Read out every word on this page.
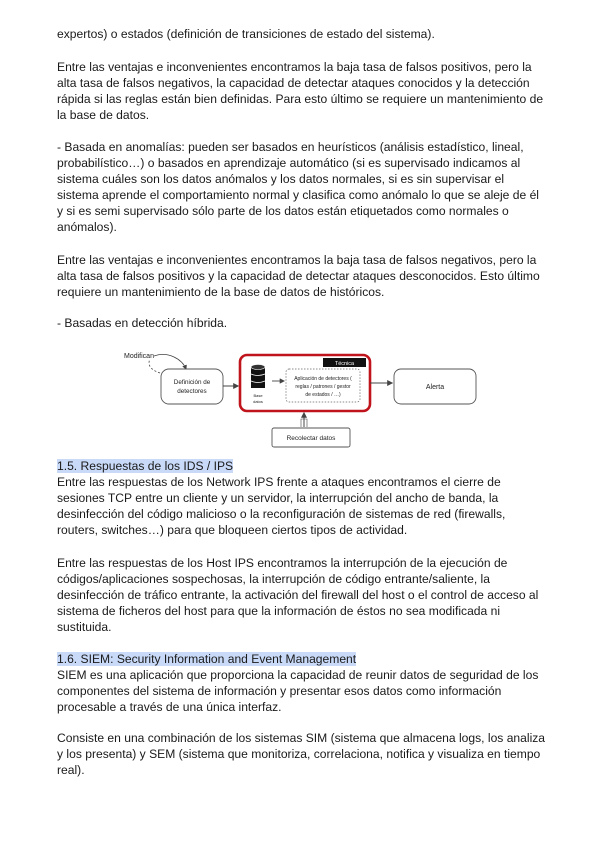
expertos) o estados (definición de transiciones de estado del sistema).

Entre las ventajas e inconvenientes encontramos la baja tasa de falsos positivos, pero la alta tasa de falsos negativos, la capacidad de detectar ataques conocidos y la detección rápida si las reglas están bien definidas. Para esto último se requiere un mantenimiento de la base de datos.

- Basada en anomalías: pueden ser basados en heurísticos (análisis estadístico, lineal, probabilístico…) o basados en aprendizaje automático (si es supervisado indicamos al sistema cuáles son los datos anómalos y los datos normales, si es sin supervisar el sistema aprende el comportamiento normal y clasifica como anómalo lo que se aleje de él y si es semi supervisado sólo parte de los datos están etiquetados como normales o anómalos).

Entre las ventajas e inconvenientes encontramos la baja tasa de falsos negativos, pero la alta tasa de falsos positivos y la capacidad de detectar ataques desconocidos. Esto último requiere un mantenimiento de la base de datos de históricos.

- Basadas en detección híbrida.

Modifican
Definición de
detectores
Técnica
Base
datos
Aplicación de detectores (
reglas / patrones / gestor
de estados / …)
Alerta
Recolectar datos

1.5. Respuestas de los IDS / IPS

Entre las respuestas de los Network IPS frente a ataques encontramos el cierre de sesiones TCP entre un cliente y un servidor, la interrupción del ancho de banda, la desinfección del código malicioso o la reconfiguración de sistemas de red (firewalls, routers, switches…) para que bloqueen ciertos tipos de actividad.

Entre las respuestas de los Host IPS encontramos la interrupción de la ejecución de códigos/aplicaciones sospechosas, la interrupción de código entrante/saliente, la desinfección de tráfico entrante, la activación del firewall del host o el control de acceso al sistema de ficheros del host para que la información de éstos no sea modificada ni sustituida.

1.6. SIEM: Security Information and Event Management

SIEM es una aplicación que proporciona la capacidad de reunir datos de seguridad de los componentes del sistema de información y presentar esos datos como información procesable a través de una única interfaz.

Consiste en una combinación de los sistemas SIM (sistema que almacena logs, los analiza y los presenta) y SEM (sistema que monitoriza, correlaciona, notifica y visualiza en tiempo real).
